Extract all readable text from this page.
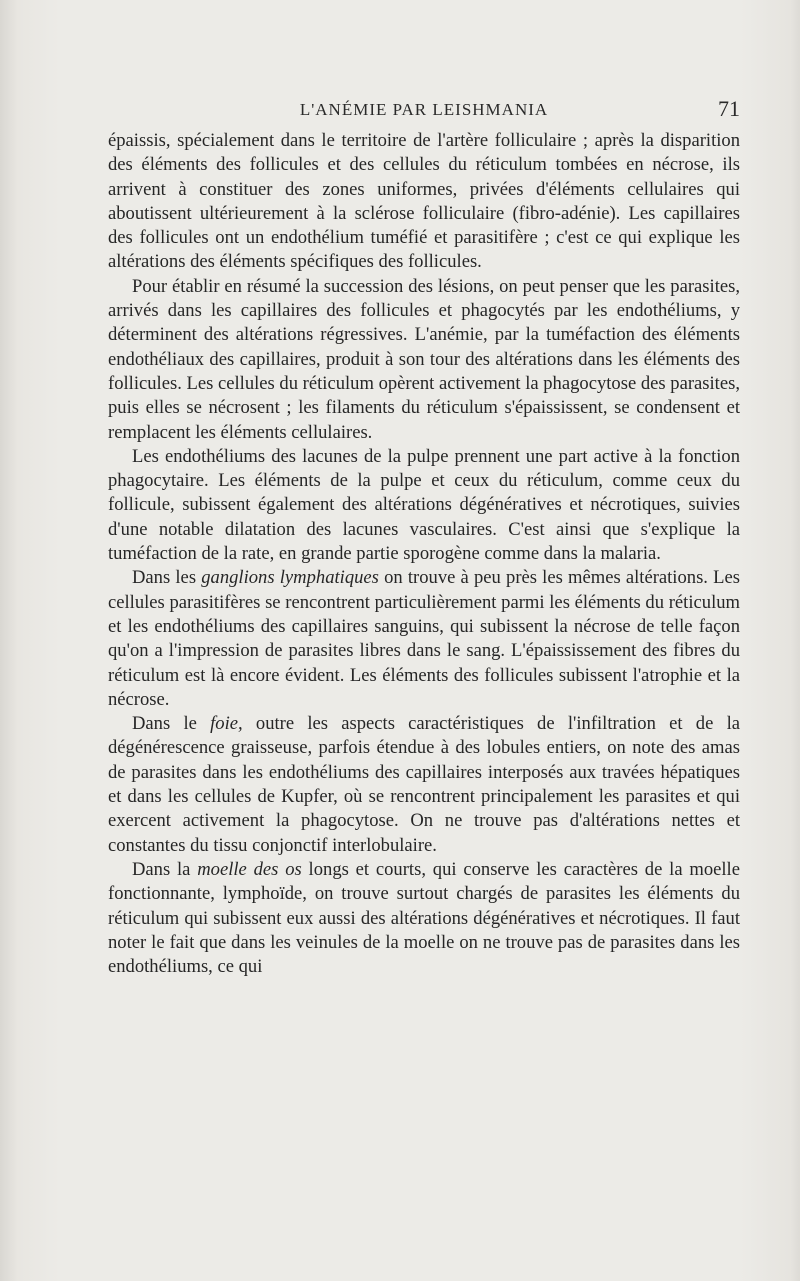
L'ANÉMIE PAR LEISHMANIA	71

épaissis, spécialement dans le territoire de l'artère folliculaire ; après la disparition des éléments des follicules et des cellules du réticulum tombées en nécrose, ils arrivent à constituer des zones uniformes, privées d'éléments cellulaires qui aboutissent ultérieurement à la sclérose folliculaire (fibro-adénie). Les capillaires des follicules ont un endothélium tuméfié et parasitifère ; c'est ce qui explique les altérations des éléments spécifiques des follicules.

Pour établir en résumé la succession des lésions, on peut penser que les parasites, arrivés dans les capillaires des follicules et phagocytés par les endothéliums, y déterminent des altérations régressives. L'anémie, par la tuméfaction des éléments endothéliaux des capillaires, produit à son tour des altérations dans les éléments des follicules. Les cellules du réticulum opèrent activement la phagocytose des parasites, puis elles se nécrosent ; les filaments du réticulum s'épaississent, se condensent et remplacent les éléments cellulaires.

Les endothéliums des lacunes de la pulpe prennent une part active à la fonction phagocytaire. Les éléments de la pulpe et ceux du réticulum, comme ceux du follicule, subissent également des altérations dégénératives et nécrotiques, suivies d'une notable dilatation des lacunes vasculaires. C'est ainsi que s'explique la tuméfaction de la rate, en grande partie sporogène comme dans la malaria.

Dans les ganglions lymphatiques on trouve à peu près les mêmes altérations. Les cellules parasitifères se rencontrent particulièrement parmi les éléments du réticulum et les endothéliums des capillaires sanguins, qui subissent la nécrose de telle façon qu'on a l'impression de parasites libres dans le sang. L'épaississement des fibres du réticulum est là encore évident. Les éléments des follicules subissent l'atrophie et la nécrose.

Dans le foie, outre les aspects caractéristiques de l'infiltration et de la dégénérescence graisseuse, parfois étendue à des lobules entiers, on note des amas de parasites dans les endothéliums des capillaires interposés aux travées hépatiques et dans les cellules de Kupfer, où se rencontrent principalement les parasites et qui exercent activement la phagocytose. On ne trouve pas d'altérations nettes et constantes du tissu conjonctif interlobulaire.

Dans la moelle des os longs et courts, qui conserve les caractères de la moelle fonctionnante, lymphoïde, on trouve surtout chargés de parasites les éléments du réticulum qui subissent eux aussi des altérations dégénératives et nécrotiques. Il faut noter le fait que dans les veinules de la moelle on ne trouve pas de parasites dans les endothéliums, ce qui
